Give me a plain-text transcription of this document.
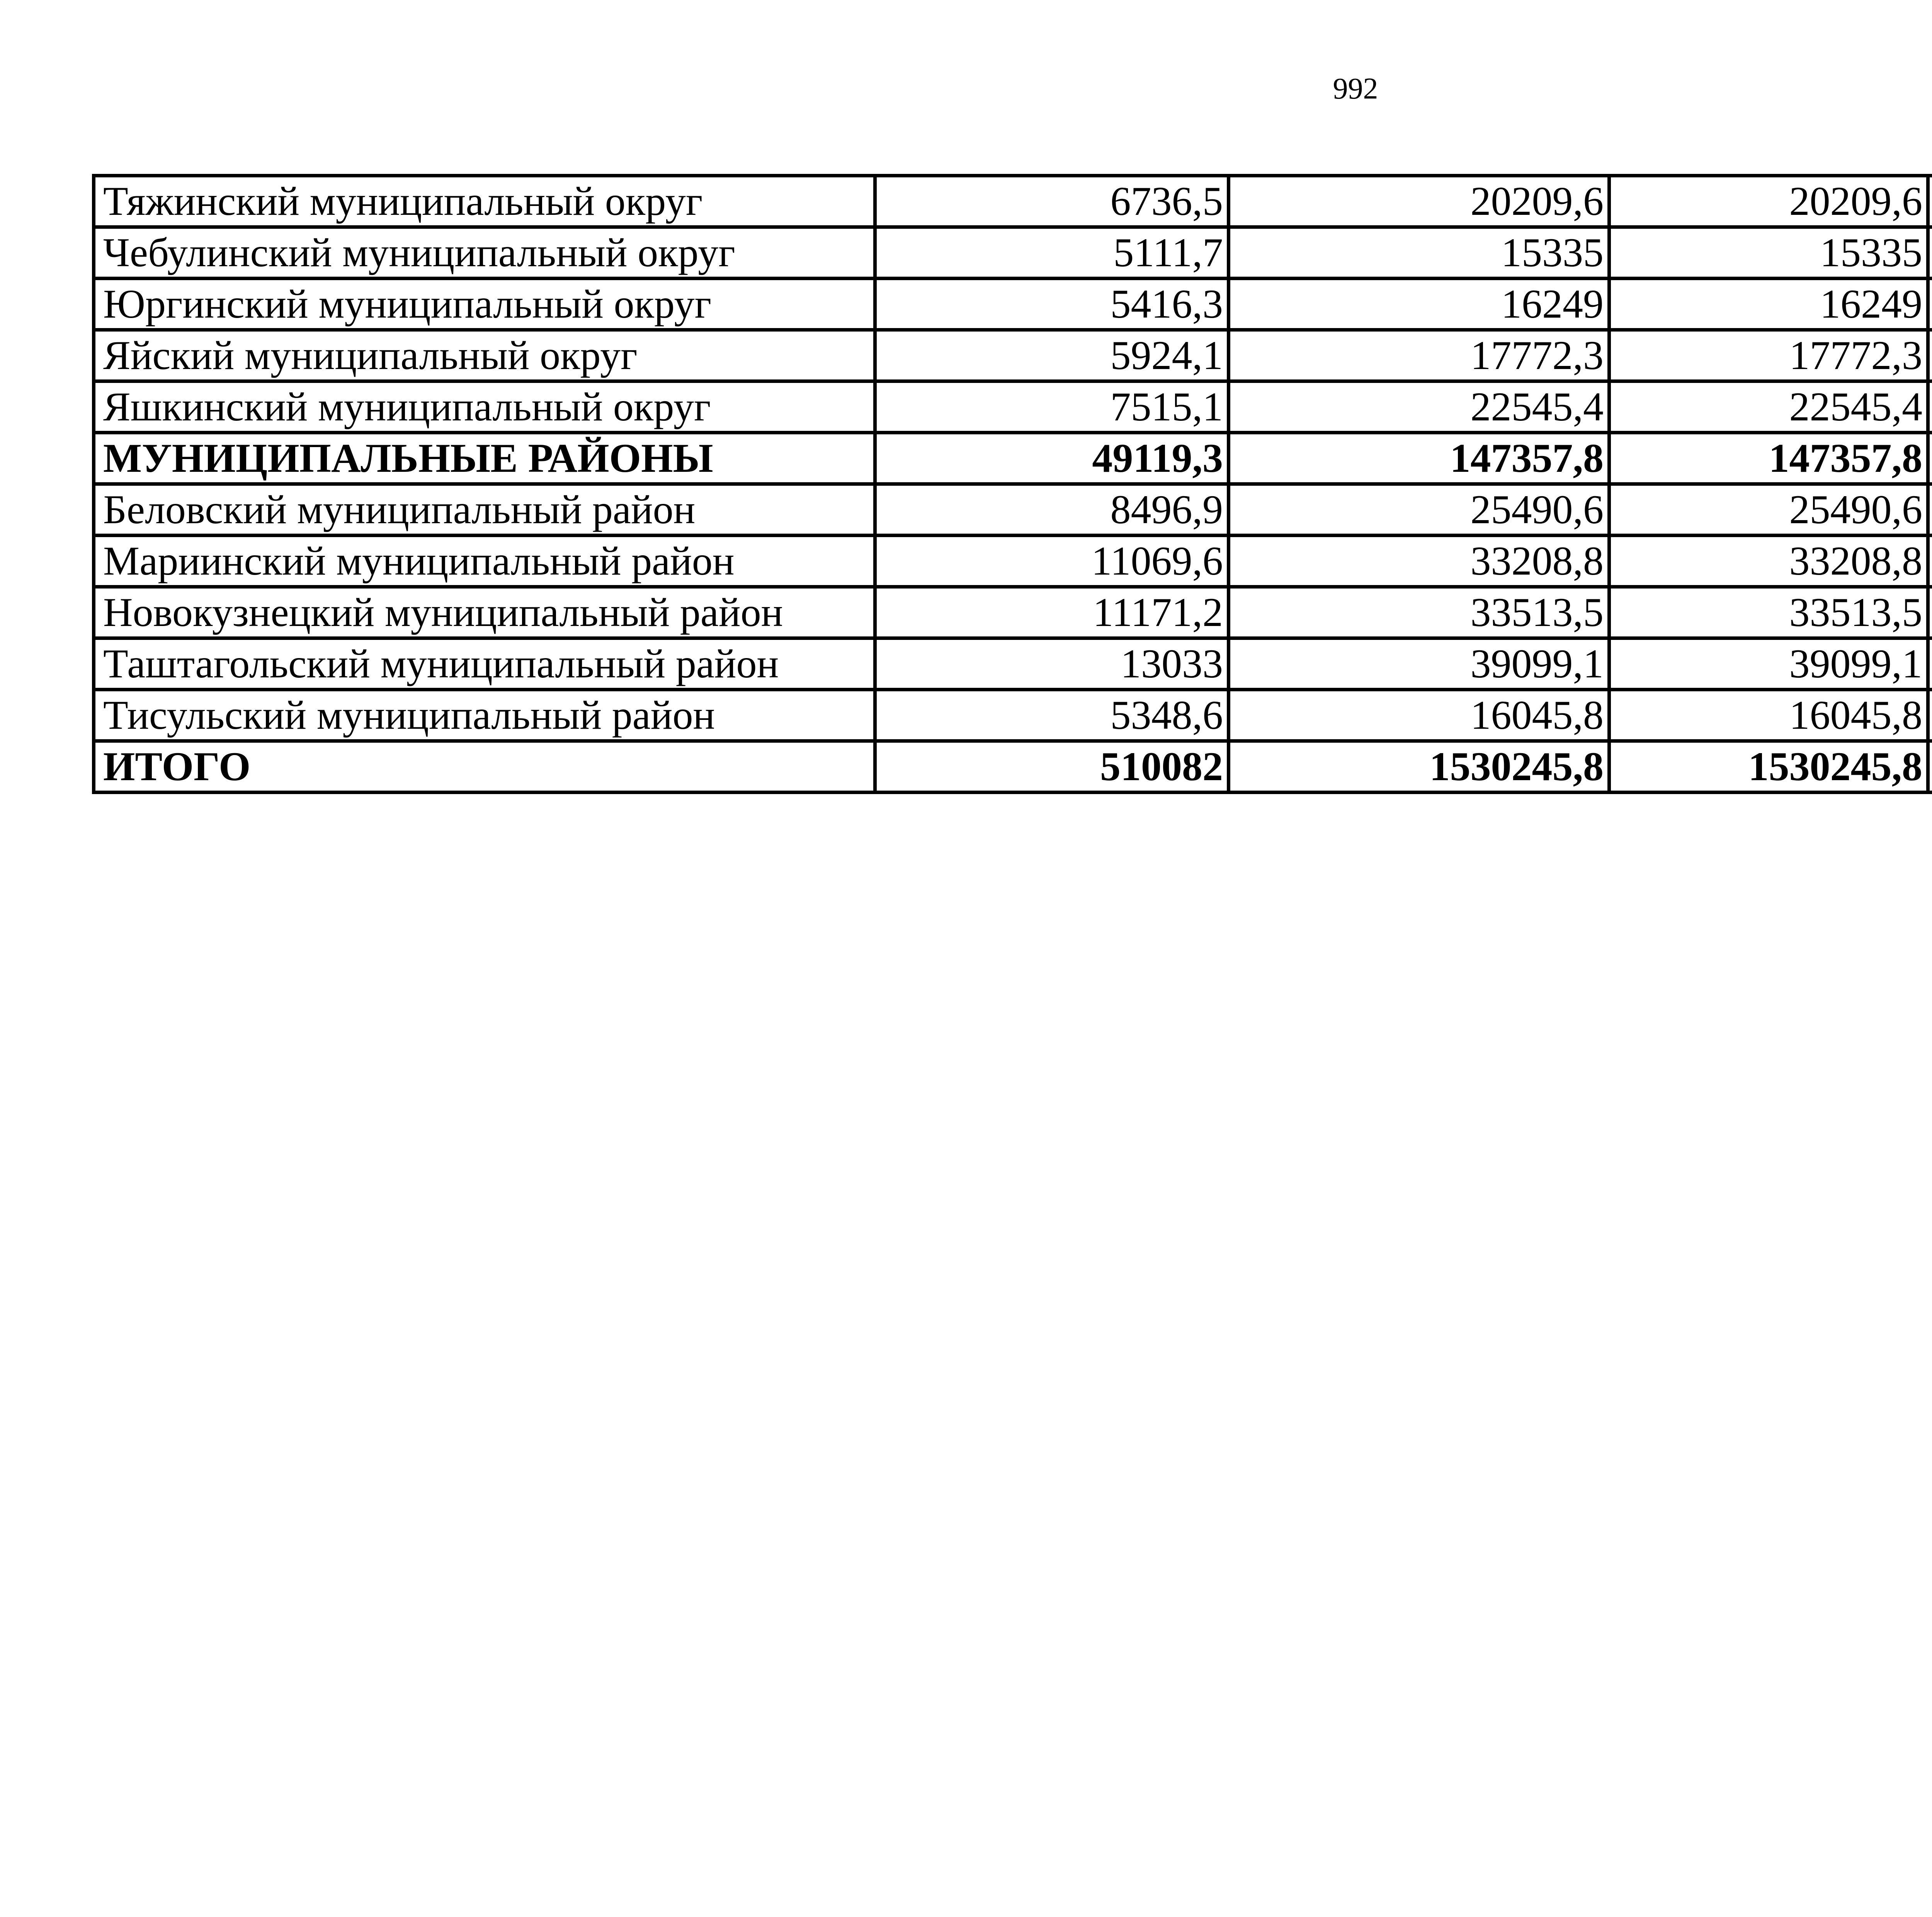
992
Тяжинский муниципальный округ	6736,5	20209,6	20209,6	
Чебулинский муниципальный округ	5111,7	15335	15335	
Юргинский муниципальный округ	5416,3	16249	16249	
Яйский муниципальный округ	5924,1	17772,3	17772,3	
Яшкинский муниципальный округ	7515,1	22545,4	22545,4	
МУНИЦИПАЛЬНЫЕ РАЙОНЫ	49119,3	147357,8	147357,8	
Беловский муниципальный район	8496,9	25490,6	25490,6	
Мариинский муниципальный район	11069,6	33208,8	33208,8	
Новокузнецкий муниципальный район	11171,2	33513,5	33513,5	
Таштагольский муниципальный район	13033	39099,1	39099,1	
Тисульский муниципальный район	5348,6	16045,8	16045,8	
ИТОГО	510082	1530245,8	1530245,8	
